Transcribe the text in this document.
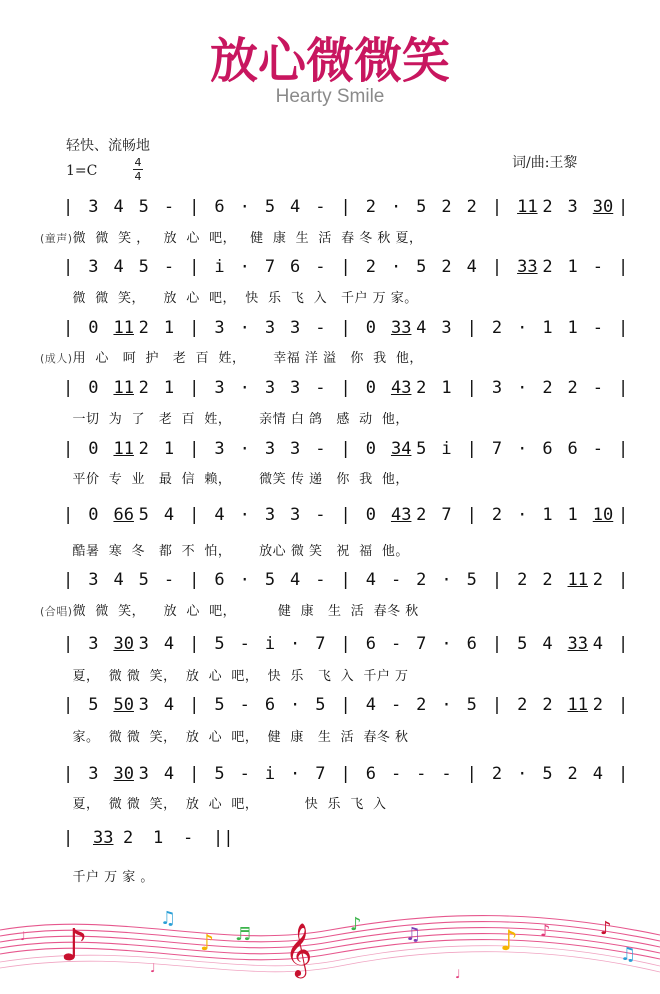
放心微微笑
Hearty Smile
轻快、流畅地
1=C
4
4
词/曲:王黎
| 3 4 5 - | 6 · 5 4 - | 2 · 5 2 2 | 11 2 3 30 |
(童声)微  微  笑 ，   放  心  吧，   健  康  生  活  春 冬 秋 夏，
| 3 4 5 - | i · 7 6 - | 2 · 5 2 4 | 33 2 1 - |
微  微  笑，    放  心  吧，  快  乐  飞  入   千户 万 家。
| 0 11 2 1 | 3 · 3 3 - | 0 33 4 3 | 2 · 1 1 - |
(成人)用  心   呵  护   老  百  姓，      幸福 洋 溢   你  我  他，
| 0 11 2 1 | 3 · 3 3 - | 0 43 2 1 | 3 · 2 2 - |
一切  为  了   老  百  姓，      亲情 白 鸽   感  动  他，
| 0 11 2 1 | 3 · 3 3 - | 0 34 5 i | 7 · 6 6 - |
平价  专  业   最  信  赖，      微笑 传 递   你  我  他，
| 0 66 5 4 | 4 · 3 3 - | 0 43 2 7 | 2 · 1 1 10 |
酷暑  寒  冬   都  不  怕，      放心 微 笑   祝  福  他。
| 3 4 5 - | 6 · 5 4 - | 4 - 2 · 5 | 2 2 11 2 |
(合唱)微  微  笑，    放  心  吧，         健  康   生  活  春冬 秋
| 3 30 3 4 | 5 - i · 7 | 6 - 7 · 6 | 5 4 33 4 |
夏，  微 微  笑，  放  心  吧，  快  乐   飞  入  千户 万
| 5 50 3 4 | 5 - 6 · 5 | 4 - 2 · 5 | 2 2 11 2 |
家。  微 微  笑，  放  心  吧，  健  康   生  活  春冬 秋
| 3 30 3 4 | 5 - i · 7 | 6 - - - | 2 · 5 2 4 |
夏，  微 微  笑，  放  心  吧，          快  乐  飞  入
| 33 2 1 - ||
千户 万 家 。
♪	𝄞
♫
♪ ♬	♪ ♫	♪ ♪	♪
♫
♩
♩	♩
